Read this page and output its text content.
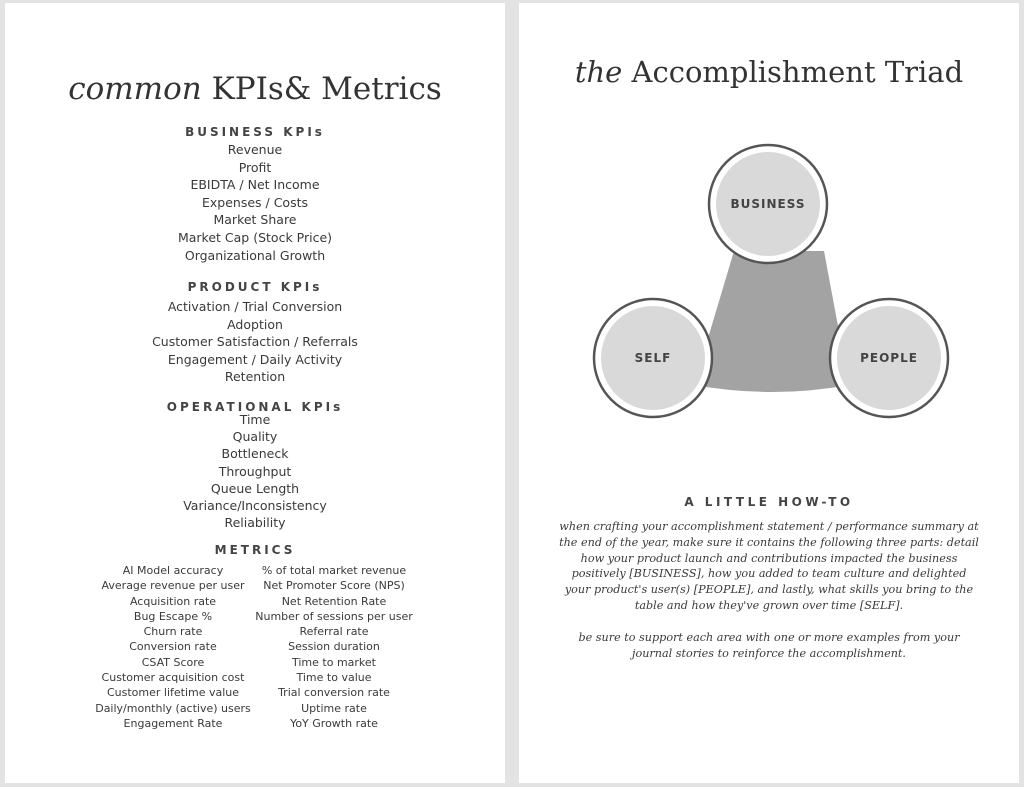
common KPIs& Metrics
BUSINESS KPIs
Revenue
Profit
EBIDTA / Net Income
Expenses / Costs
Market Share
Market Cap (Stock Price)
Organizational Growth
PRODUCT KPIs
Activation / Trial Conversion
Adoption
Customer Satisfaction / Referrals
Engagement / Daily Activity
Retention
OPERATIONAL KPIs
Time
Quality
Bottleneck
Throughput
Queue Length
Variance/Inconsistency
Reliability
METRICS
AI Model accuracy
Average revenue per user
Acquisition rate
Bug Escape %
Churn rate
Conversion rate
CSAT Score
Customer acquisition cost
Customer lifetime value
Daily/monthly (active) users
Engagement Rate
% of total market revenue
Net Promoter Score (NPS)
Net Retention Rate
Number of sessions per user
Referral rate
Session duration
Time to market
Time to value
Trial conversion rate
Uptime rate
YoY Growth rate
the Accomplishment Triad
BUSINESS
SELF	PEOPLE
A LITTLE HOW-TO
when crafting your accomplishment statement / performance summary at the end of the year, make sure it contains the following three parts: detail how your product launch and contributions impacted the business positively [BUSINESS], how you added to team culture and delighted your product's user(s) [PEOPLE], and lastly, what skills you bring to the table and how they've grown over time [SELF].
be sure to support each area with one or more examples from your journal stories to reinforce the accomplishment.
